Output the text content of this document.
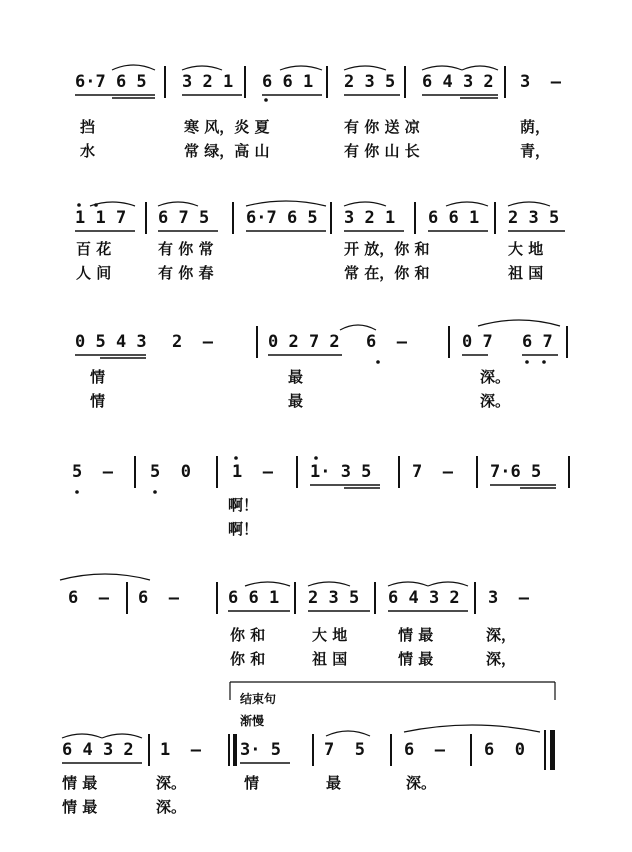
6·7 6 5 3 2 1 6 6 1 2 3 5 6 4 3 2 3  –
挡	寒 风，炎 夏	有 你 送 凉	荫，
水	常 绿，高 山	有 你 山 长	青，
1 1 7 6 7 5 6·7 6 5 3 2 1 6 6 1 2 3 5
百 花	有 你 常	开 放，你 和	大 地
人 间	有 你 春	常 在，你 和	祖 国
0 5 4 3 2  –	0 2 7 2 6  –	0 7 6 7
情	最	深。
情	最	深。
5  – 5  0 1  – 1· 3 5 7  – 7·6 5
啊！
啊！
6  – 6  –	6 6 1 2 3 5 6 4 3 2 3  –
你 和	大 地	情 最	深，
你 和	祖 国	情 最	深，
结束句
渐慢
6 4 3 2 1  – 3· 5	7  5 6  – 6  0
情 最	深。	情	最	深。
情 最	深。
